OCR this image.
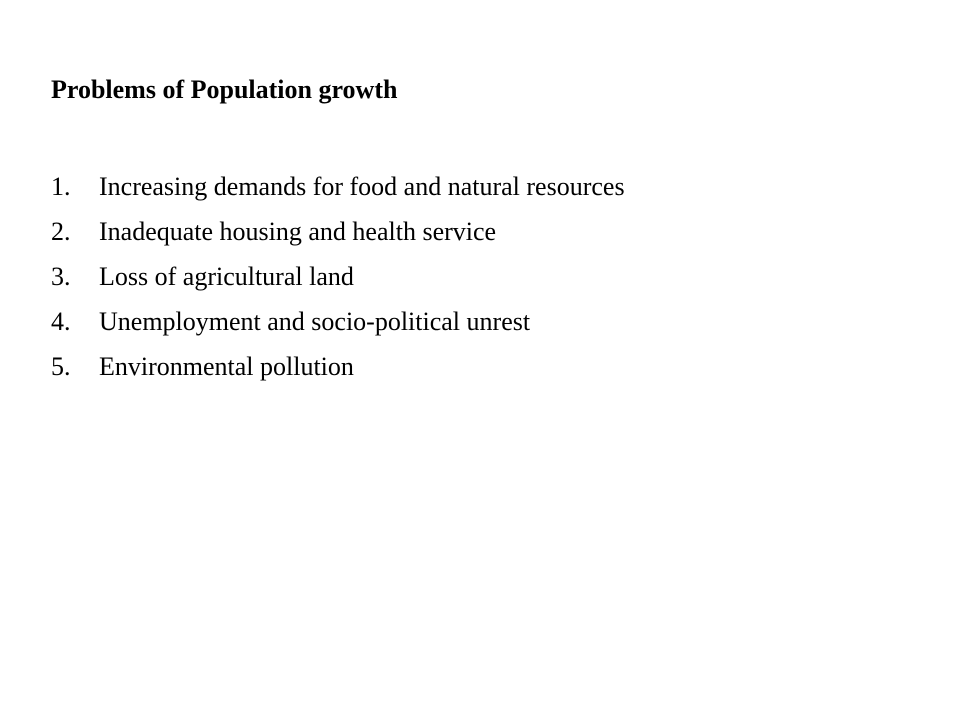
Problems of Population growth
1.	Increasing demands for food and natural resources
2.	Inadequate housing and health service
3.	Loss of agricultural land
4.	Unemployment and socio-political unrest
5.	Environmental pollution
